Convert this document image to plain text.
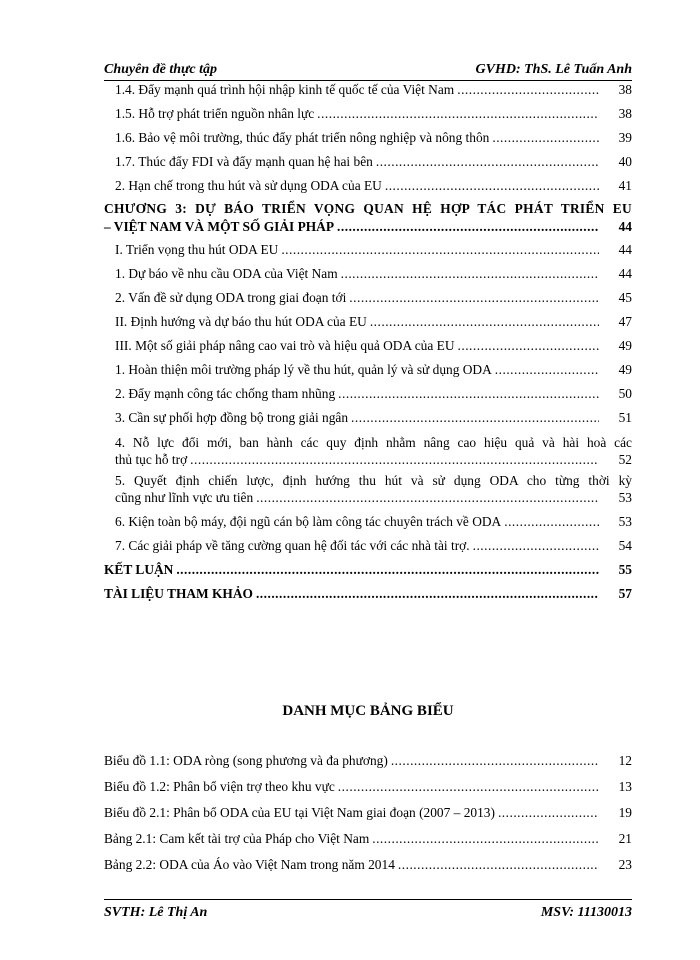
Chuyên đề thực tập	GVHD: ThS. Lê Tuấn Anh
1.4. Đẩy mạnh quá trình hội nhập kinh tế quốc tế của Việt Nam .....	38
1.5. Hỗ trợ phát triển nguồn nhân lực .....	38
1.6. Bảo vệ môi trường, thúc đẩy phát triển nông nghiệp và nông thôn .....	39
1.7. Thúc đẩy FDI và đẩy mạnh quan hệ hai bên .....	40
2. Hạn chế trong thu hút và sử dụng ODA của EU .....	41
CHƯƠNG 3: DỰ BÁO TRIỂN VỌNG QUAN HỆ HỢP TÁC PHÁT TRIỂN EU
– VIỆT NAM VÀ MỘT SỐ GIẢI PHÁP .....	44
I. Triển vọng thu hút ODA EU .....	44
1. Dự báo về nhu cầu ODA của Việt Nam .....	44
2. Vấn đề sử dụng ODA trong giai đoạn tới .....	45
II. Định hướng và dự báo thu hút ODA của EU .....	47
III. Một số giải pháp nâng cao vai trò và hiệu quả ODA của EU .....	49
1. Hoàn thiện môi trường pháp lý về thu hút, quản lý và sử dụng ODA .....	49
2. Đẩy mạnh công tác chống tham nhũng .....	50
3. Cần sự phối hợp đồng bộ trong giải ngân .....	51
4. Nỗ lực đổi mới, ban hành các quy định nhằm nâng cao hiệu quả và hài hoà các
thủ tục hỗ trợ .....	52
5. Quyết định chiến lược, định hướng thu hút và sử dụng ODA cho từng thời kỳ
cũng như lĩnh vực ưu tiên .....	53
6. Kiện toàn bộ máy, đội ngũ cán bộ làm công tác chuyên trách về ODA .....	53
7. Các giải pháp về tăng cường quan hệ đối tác với các nhà tài trợ. .....	54
KẾT LUẬN .....	55
TÀI LIỆU THAM KHẢO .....	57
DANH MỤC BẢNG BIỂU
Biểu đồ 1.1: ODA ròng (song phương và đa phương) .....	12
Biểu đồ 1.2: Phân bổ viện trợ theo khu vực .....	13
Biểu đồ 2.1: Phân bổ ODA của EU tại Việt Nam giai đoạn (2007 – 2013) .....	19
Bảng 2.1: Cam kết tài trợ của Pháp cho Việt Nam .....	21
Bảng 2.2: ODA của Áo vào Việt Nam trong năm 2014 .....	23
SVTH: Lê Thị An	MSV: 11130013
